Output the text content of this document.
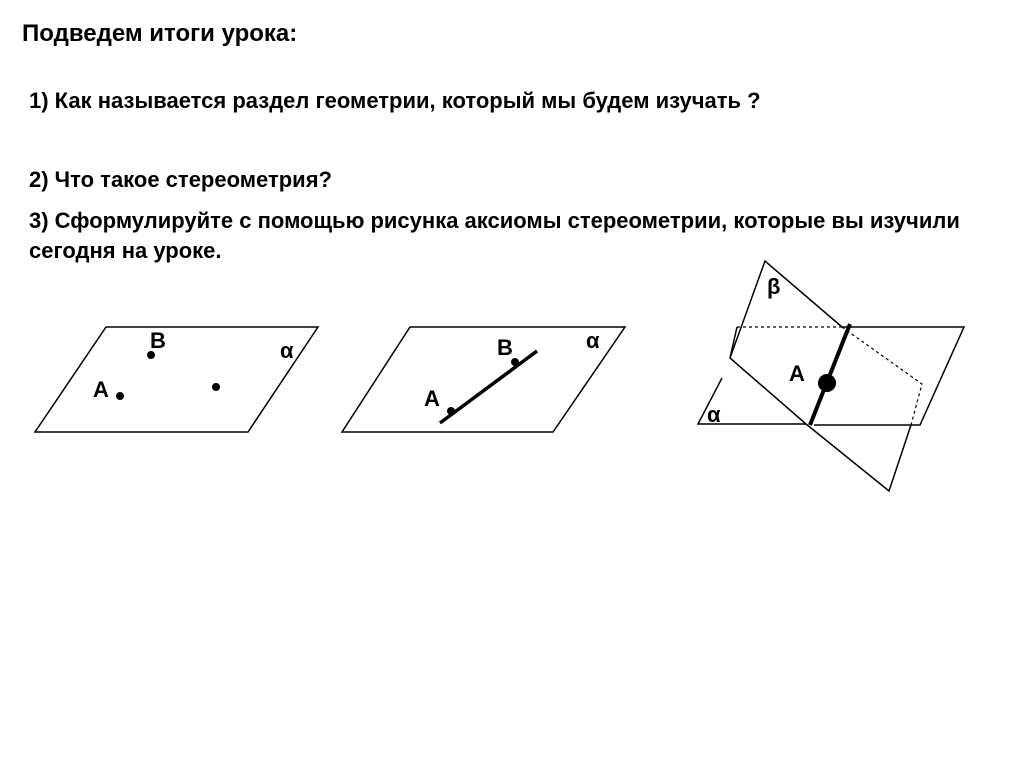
Подведем итоги урока:

1) Как называется раздел геометрии, который мы будем изучать ?

2) Что такое стереометрия?

3) Сформулируйте с помощью рисунка аксиомы стереометрии, которые вы изучили сегодня на уроке.

A
B	α
A
B	α
β
A
α
